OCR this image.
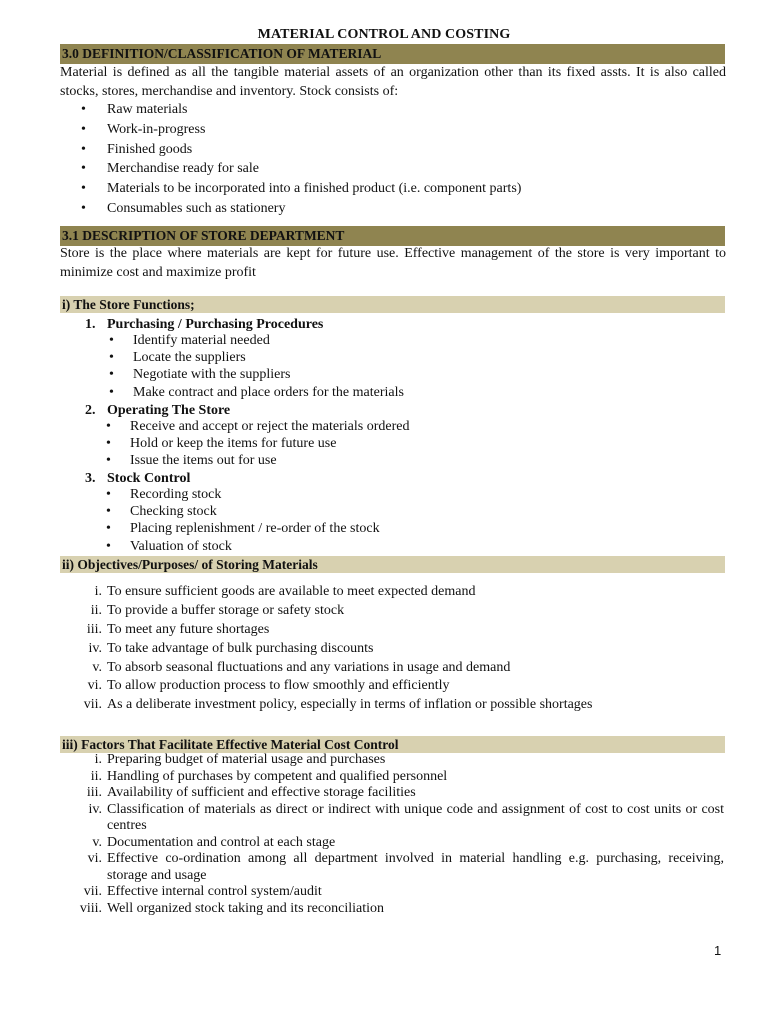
MATERIAL CONTROL AND COSTING
3.0 DEFINITION/CLASSIFICATION OF MATERIAL
Material is defined as all the tangible material assets of an organization other than its fixed assts. It is also called stocks, stores, merchandise and inventory. Stock consists of:
• Raw materials
• Work-in-progress
• Finished goods
• Merchandise ready for sale
• Materials to be incorporated into a finished product (i.e. component parts)
• Consumables such as stationery
3.1 DESCRIPTION OF STORE DEPARTMENT
Store is the place where materials are kept for future use. Effective management of the store is very important to minimize cost and maximize profit
i) The Store Functions;
1. Purchasing / Purchasing Procedures
• Identify material needed
• Locate the suppliers
• Negotiate with the suppliers
• Make contract and place orders for the materials
2. Operating The Store
• Receive and accept or reject the materials ordered
• Hold or keep the items for future use
• Issue the items out for use
3. Stock Control
• Recording stock
• Checking stock
• Placing replenishment / re-order of the stock
• Valuation of stock
ii) Objectives/Purposes/ of Storing Materials
i. To ensure sufficient goods are available to meet expected demand
ii. To provide a buffer storage or safety stock
iii. To meet any future shortages
iv. To take advantage of bulk purchasing discounts
v. To absorb seasonal fluctuations and any variations in usage and demand
vi. To allow production process to flow smoothly and efficiently
vii. As a deliberate investment policy, especially in terms of inflation or possible shortages
iii) Factors That Facilitate Effective Material Cost Control
i. Preparing budget of material usage and purchases
ii. Handling of purchases by competent and qualified personnel
iii. Availability of sufficient and effective storage facilities
iv. Classification of materials as direct or indirect with unique code and assignment of cost to cost units or cost centres
v. Documentation and control at each stage
vi. Effective co-ordination among all department involved in material handling e.g. purchasing, receiving, storage and usage
vii. Effective internal control system/audit
viii. Well organized stock taking and its reconciliation
1
